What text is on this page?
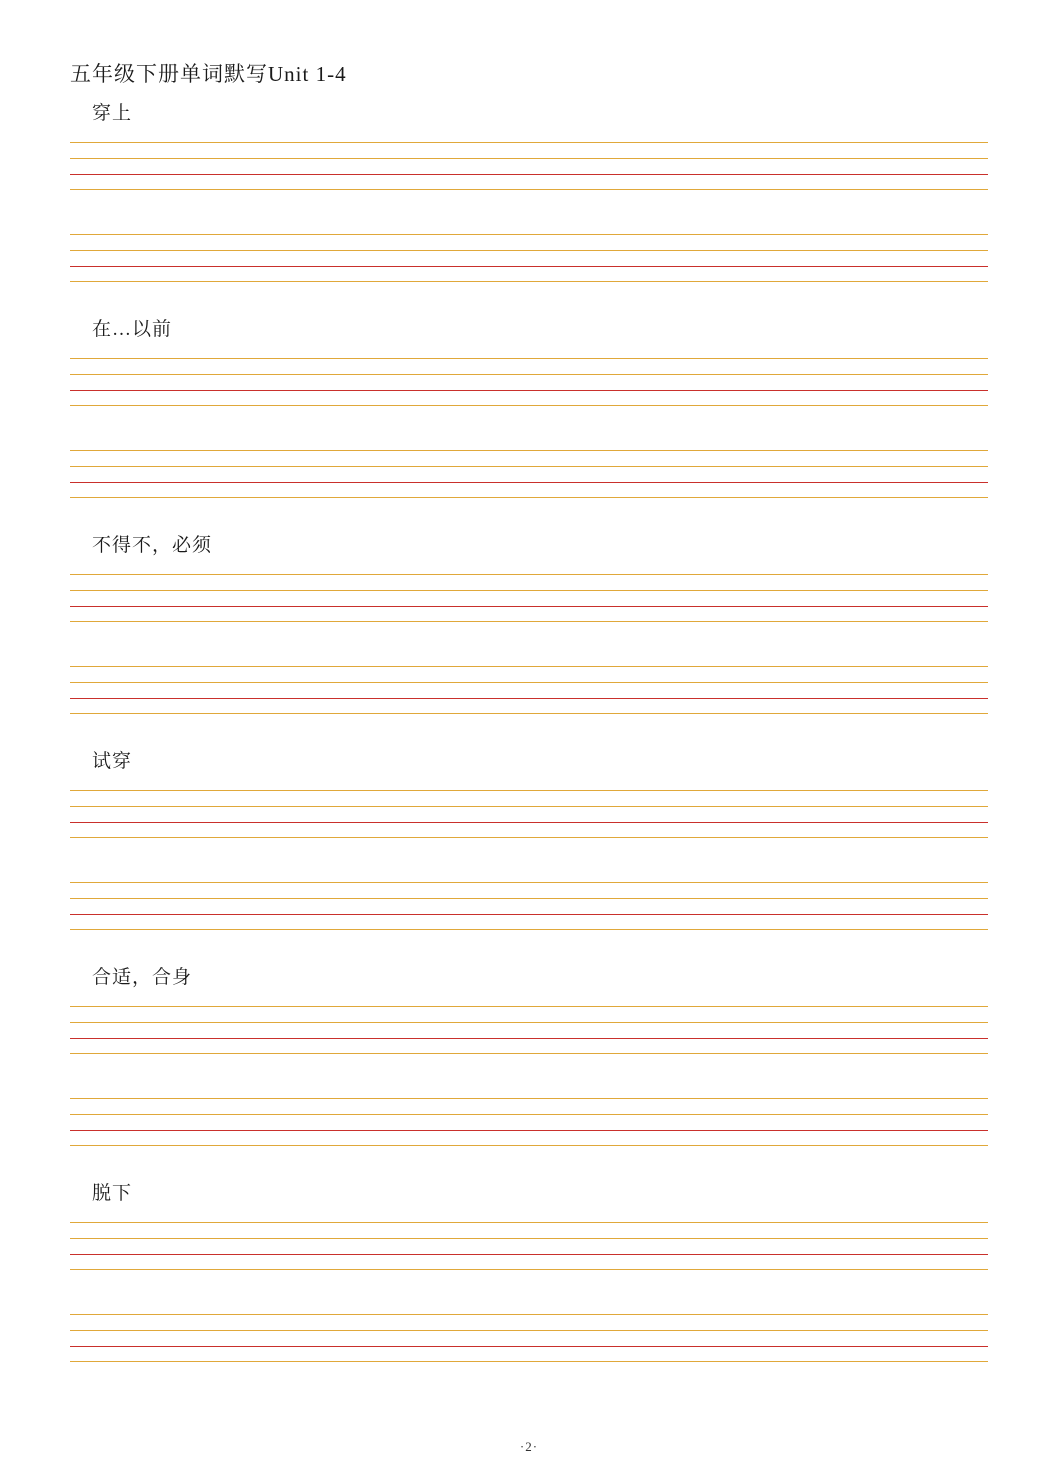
五年级下册单词默写Unit 1-4
穿上
在…以前
不得不，必须
试穿
合适，合身
脱下
·2·
